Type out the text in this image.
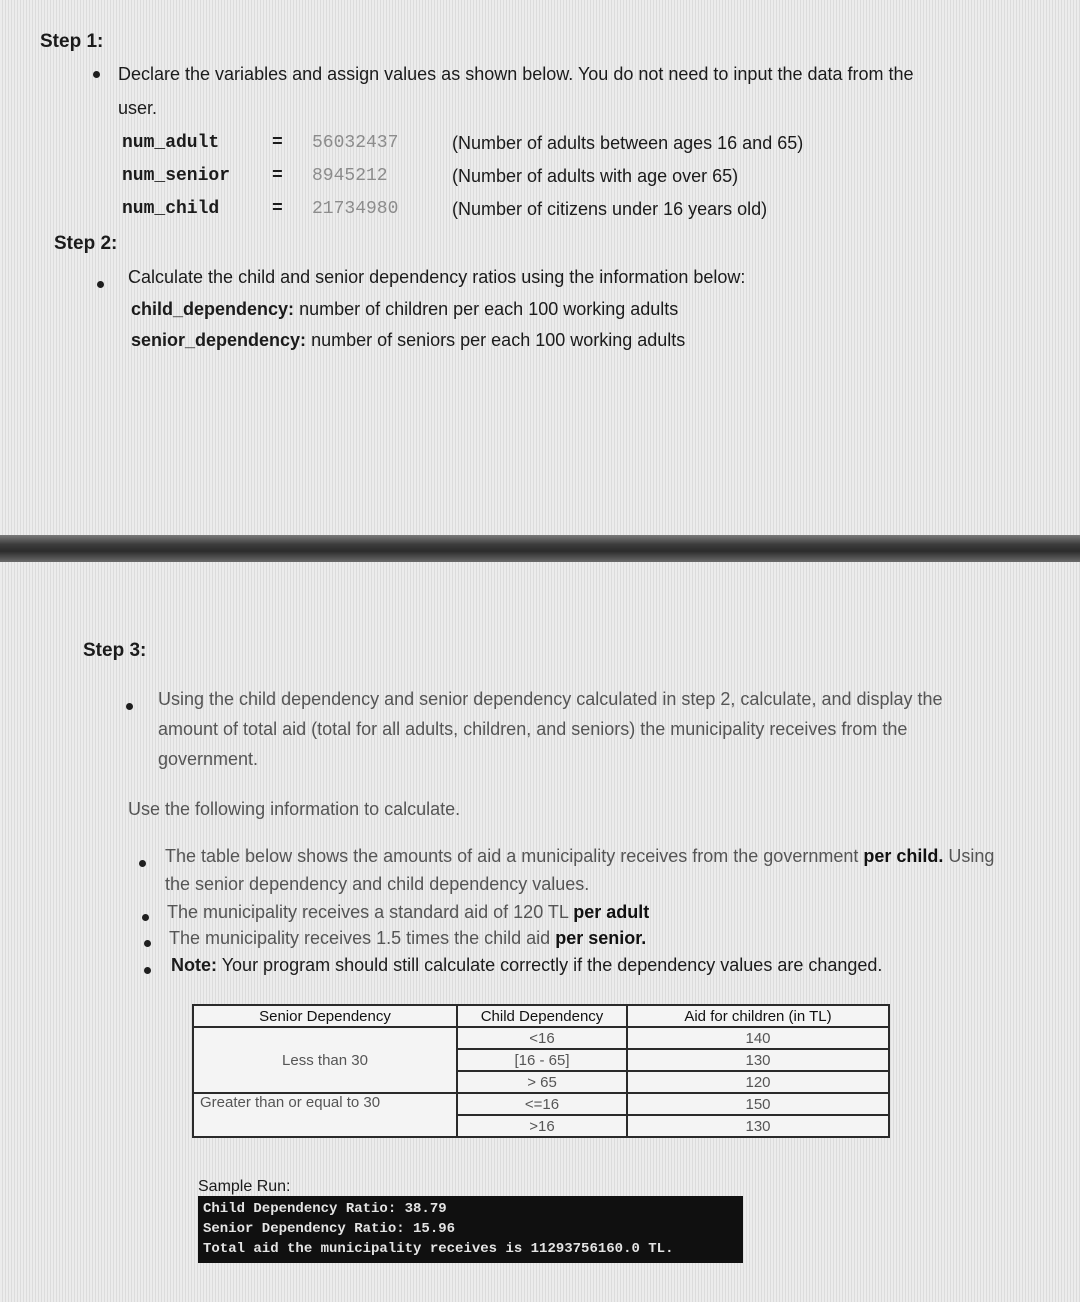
Step 1:
Declare the variables and assign values as shown below. You do not need to input the data from the
user.
num_adult	= 56032437	(Number of adults between ages 16 and 65)
num_senior = 8945212	(Number of adults with age over 65)
num_child	= 21734980	(Number of citizens under 16 years old)
Step 2:
Calculate the child and senior dependency ratios using the information below:
child_dependency: number of children per each 100 working adults
senior_dependency: number of seniors per each 100 working adults
Step 3:
Using the child dependency and senior dependency calculated in step 2, calculate, and display the
amount of total aid (total for all adults, children, and seniors) the municipality receives from the
government.
Use the following information to calculate.
The table below shows the amounts of aid a municipality receives from the government per child. Using
the senior dependency and child dependency values.
The municipality receives a standard aid of 120 TL per adult
The municipality receives 1.5 times the child aid per senior.
Note: Your program should still calculate correctly if the dependency values are changed.
Senior Dependency	Child Dependency	Aid for children (in TL)
Less than 30	<16	140
	[16 - 65]	130
	> 65	120
Greater than or equal to 30	<=16	150
	>16	130
Sample Run:
Child Dependency Ratio: 38.79
Senior Dependency Ratio: 15.96
Total aid the municipality receives is 11293756160.0 TL.
